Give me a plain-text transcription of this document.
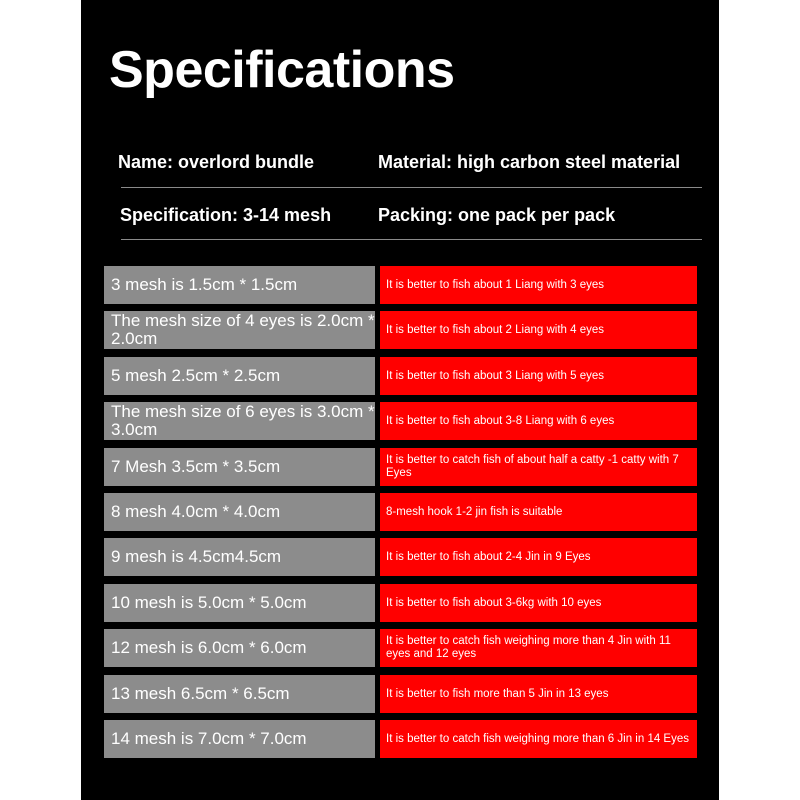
Specifications
Name: overlord bundle	Material: high carbon steel material
Specification: 3-14 mesh	Packing: one pack per pack
3 mesh is 1.5cm * 1.5cm	It is better to fish about 1 Liang with 3 eyes
The mesh size of 4 eyes is 2.0cm * 2.0cm	It is better to fish about 2 Liang with 4 eyes
5 mesh 2.5cm * 2.5cm	It is better to fish about 3 Liang with 5 eyes
The mesh size of 6 eyes is 3.0cm * 3.0cm	It is better to fish about 3-8 Liang with 6 eyes
7 Mesh 3.5cm * 3.5cm	It is better to catch fish of about half a catty -1 catty with 7 Eyes
8 mesh 4.0cm * 4.0cm	8-mesh hook 1-2 jin fish is suitable
9 mesh is 4.5cm4.5cm	It is better to fish about 2-4 Jin in 9 Eyes
10 mesh is 5.0cm * 5.0cm	It is better to fish about 3-6kg with 10 eyes
12 mesh is 6.0cm * 6.0cm	It is better to catch fish weighing more than 4 Jin with 11 eyes and 12 eyes
13 mesh 6.5cm * 6.5cm	It is better to fish more than 5 Jin in 13 eyes
14 mesh is 7.0cm * 7.0cm	It is better to catch fish weighing more than 6 Jin in 14 Eyes
